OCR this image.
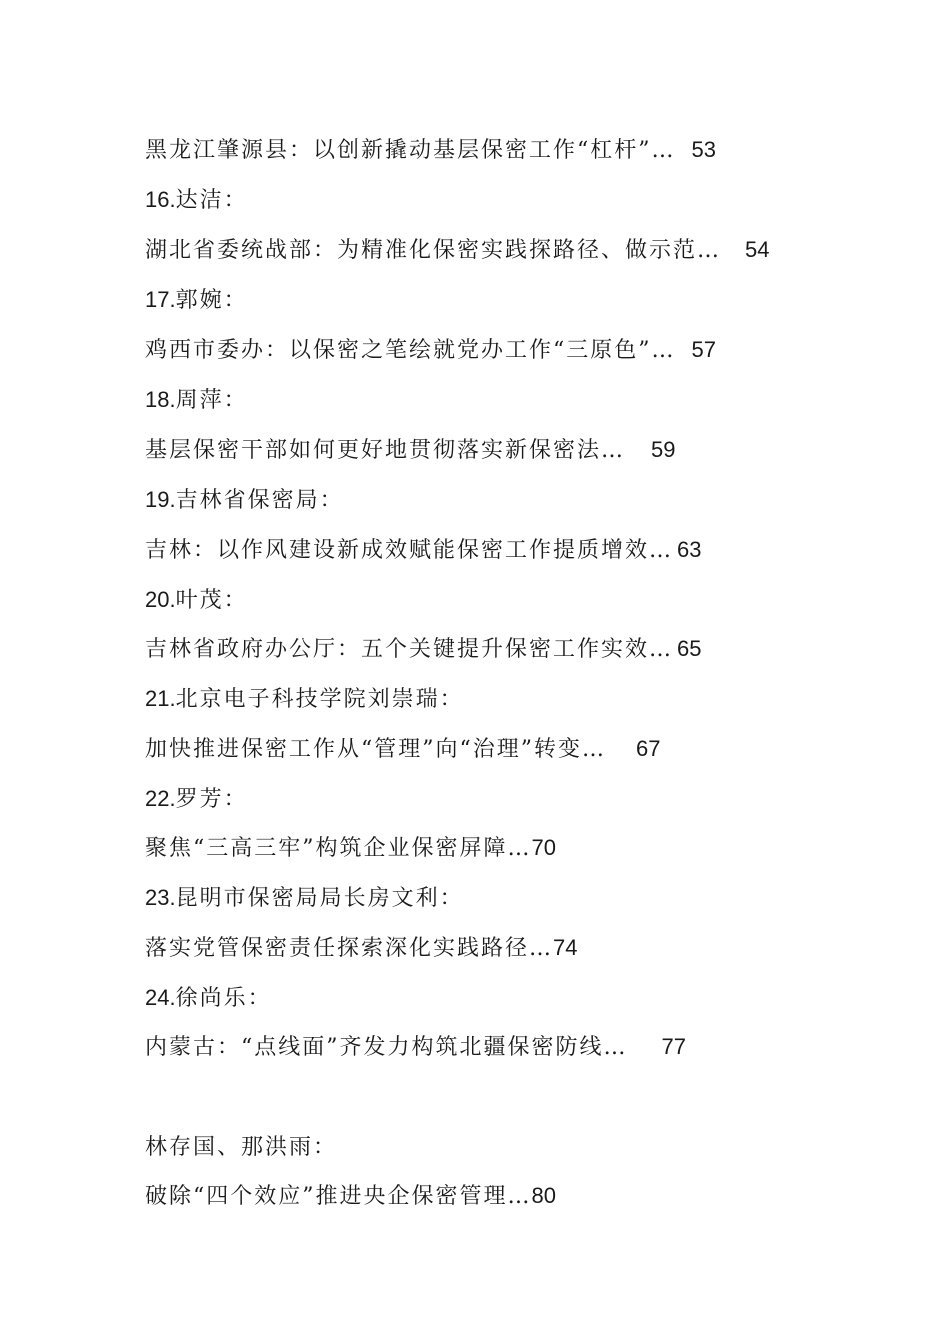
黑龙江肇源县：以创新撬动基层保密工作“杠杆”… 53
16.达洁：
湖北省委统战部：为精准化保密实践探路径、做示范… 54
17.郭婉：
鸡西市委办：以保密之笔绘就党办工作“三原色”… 57
18.周萍：
基层保密干部如何更好地贯彻落实新保密法… 59
19.吉林省保密局：
吉林：以作风建设新成效赋能保密工作提质增效… 63
20.叶茂：
吉林省政府办公厅：五个关键提升保密工作实效… 65
21.北京电子科技学院刘崇瑞：
加快推进保密工作从“管理”向“治理”转变… 67
22.罗芳：
聚焦“三高三牢”构筑企业保密屏障…70
23.昆明市保密局局长房文利：
落实党管保密责任探索深化实践路径…74
24.徐尚乐：
内蒙古：“点线面”齐发力构筑北疆保密防线… 77
林存国、那洪雨：
破除“四个效应”推进央企保密管理…80
